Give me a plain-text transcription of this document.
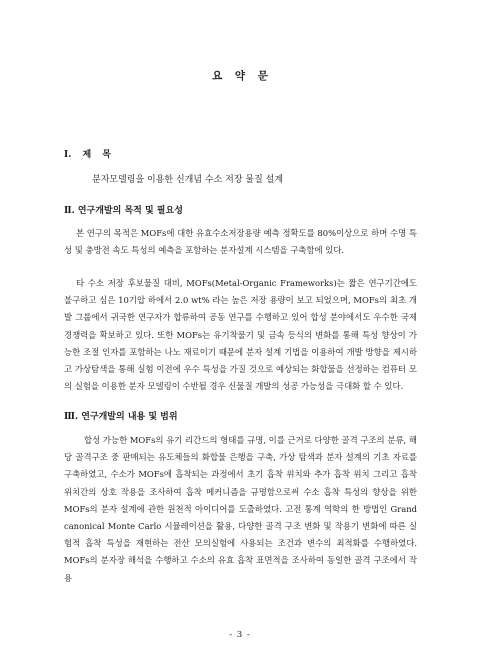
요 약 문
Ⅰ. 제 목
분자모델링을 이용한 신개념 수소 저장 물질 설계
Ⅱ. 연구개발의 목적 및 필요성
본 연구의 목적은 MOFs에 대한 유효수소저장용량 예측 정확도를 80%이상으로 하며 수명 특성 및 충방전 속도 특성의 예측을 포함하는 분자설계 시스템을 구축함에 있다.
타 수소 저장 후보물질 대비, MOFs(Metal-Organic Frameworks)는 짧은 연구기간에도 불구하고 심은 10기압 하에서 2.0 wt% 라는 높은 저장 용량이 보고 되었으며, MOFs의 최초 개발 그룹에서 귀국한 연구자가 합류하여 공동 연구를 수행하고 있어 합성 분야에서도 우수한 국제 경쟁력을 확보하고 있다. 또한 MOFs는 유기착물기 및 금속 등식의 변화를 통해 특성 향상이 가능한 조절 인자를 포함하는 나노 재료이기 때문에 분자 설계 기법을 이용하여 개발 방향을 제시하고 가상탐색을 통해 실험 이전에 우수 특성을 가질 것으로 예상되는 화합물을 선정하는 컴퓨터 모의 실험을 이용한 분자 모델링이 수반될 경우 신물질 개발의 성공 가능성을 극대화 할 수 있다.
Ⅲ. 연구개발의 내용 및 범위
합성 가능한 MOFs의 유기 리간드의 형태를 규명, 이를 근거로 다양한 골격 구조의 분류, 해당 골격구조 중 판매되는 유도체들의 화합물 은행을 구축, 가상 탐색과 분자 설계의 기초 자료를 구축하였고, 수소가 MOFs에 흡착되는 과정에서 초기 흡착 위치와 추가 흡착 위치 그리고 흡착 위치간의 상호 작용을 조사하여 흡착 메커니즘을 규명함으로써 수소 흡착 특성의 향상을 위한 MOFs의 분자 설계에 관한 원천적 아이디어를 도출하였다. 고전 통계 역학의 한 방법인 Grand canonical Monte Carlo 시뮬레이션을 활용, 다양한 골격 구조 변화 및 작용기 변화에 따른 실험적 흡착 특성을 재현하는 전산 모의실험에 사용되는 조건과 변수의 최적화를 수행하였다. MOFs의 분자장 해석을 수행하고 수소의 유효 흡착 표면적을 조사하여 동일한 골격 구조에서 작용
- 3 -
